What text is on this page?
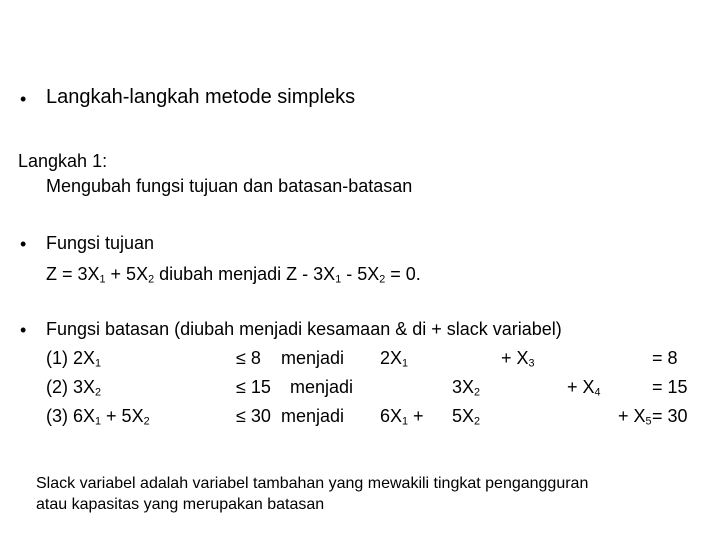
• Langkah-langkah metode simpleks
Langkah 1:
Mengubah fungsi tujuan dan batasan-batasan
• Fungsi tujuan
$Z = 3X_1 + 5X_2$ diubah menjadi $Z - 3X_1 - 5X_2 = 0$.
• Fungsi batasan (diubah menjadi kesamaan & di + slack variabel)
(1) $2X_1$	≤ 8 menjadi $2X_1$	+ $X_3$	= 8
(2) $3X_2$	≤ 15 menjadi	$3X_2$	+ $X_4$	= 15
(3) $6X_1 + 5X_2$	≤ 30 menjadi $6X_1 + 5X_2$	+ $X_5 = 30$
Slack variabel adalah variabel tambahan yang mewakili tingkat pengangguran
atau kapasitas yang merupakan batasan
